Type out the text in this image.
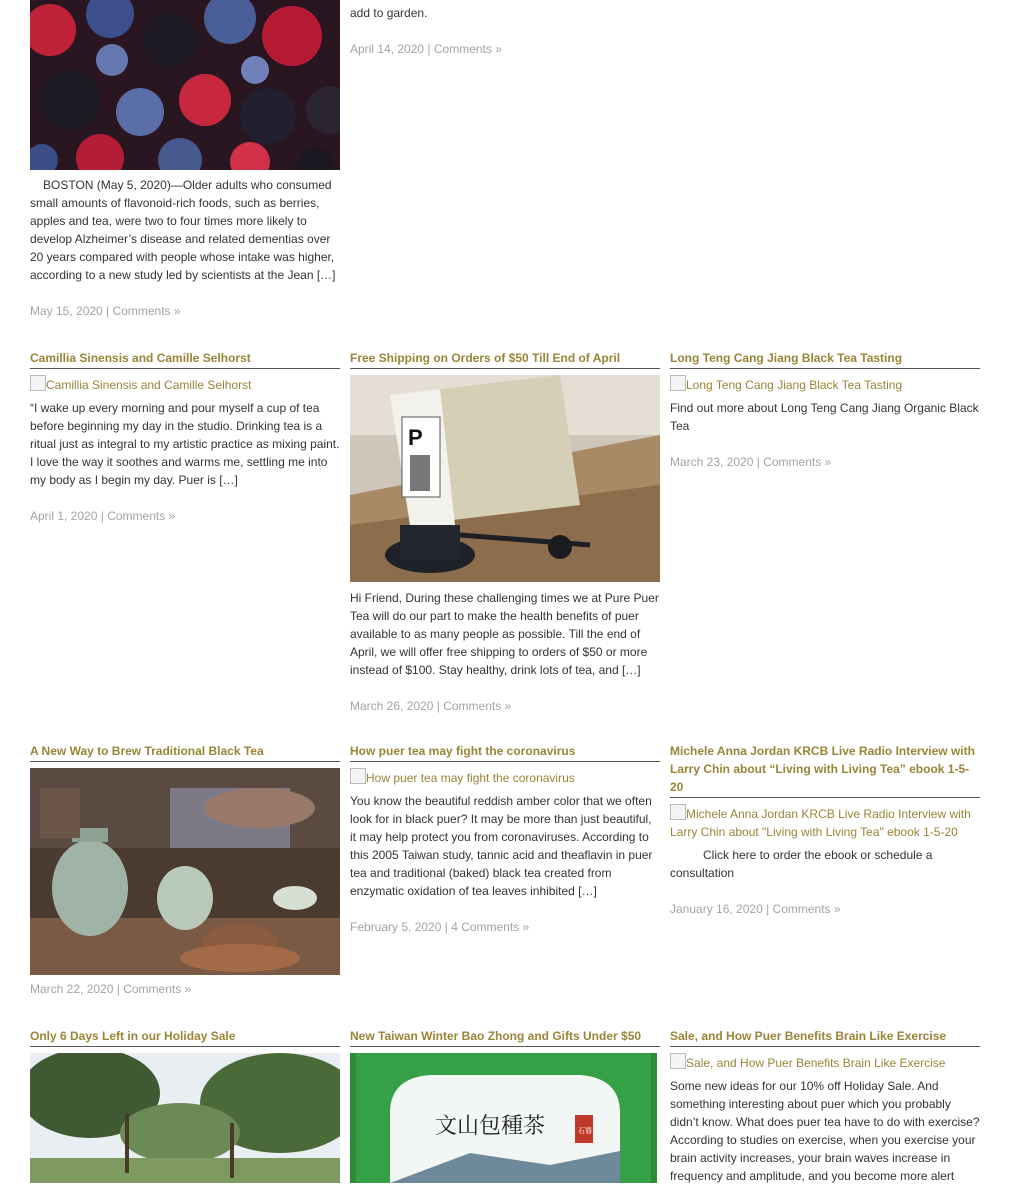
BOSTON (May 5, 2020)—Older adults who consumed small amounts of flavonoid-rich foods, such as berries, apples and tea, were two to four times more likely to develop Alzheimer’s disease and related dementias over 20 years compared with people whose intake was higher, according to a new study led by scientists at the Jean […]

May 15, 2020 | Comments »

add to garden.

April 14, 2020 | Comments »
Camillia Sinensis and Camille Selhorst
Camillia Sinensis and Camille Selhorst

“I wake up every morning and pour myself a cup of tea before beginning my day in the studio. Drinking tea is a ritual just as integral to my artistic practice as mixing paint. I love the way it soothes and warms me, settling me into my body as I begin my day. Puer is […]

April 1, 2020 | Comments »
Free Shipping on Orders of $50 Till End of April
P

Hi Friend, During these challenging times we at Pure Puer Tea will do our part to make the health benefits of puer available to as many people as possible. Till the end of April, we will offer free shipping to orders of $50 or more instead of $100. Stay healthy, drink lots of tea, and […]

March 26, 2020 | Comments »
Long Teng Cang Jiang Black Tea Tasting
Long Teng Cang Jiang Black Tea Tasting

Find out more about Long Teng Cang Jiang Organic Black Tea

March 23, 2020 | Comments »
A New Way to Brew Traditional Black Tea
March 22, 2020 | Comments »
How puer tea may fight the coronavirus
How puer tea may fight the coronavirus

You know the beautiful reddish amber color that we often look for in black puer? It may be more than just beautiful, it may help protect you from coronaviruses. According to this 2005 Taiwan study, tannic acid and theaflavin in puer tea and traditional (baked) black tea created from enzymatic oxidation of tea leaves inhibited […]

February 5, 2020 | 4 Comments »
Michele Anna Jordan KRCB Live Radio Interview with Larry Chin about “Living with Living Tea” ebook 1-5-20
Michele Anna Jordan KRCB Live Radio Interview with Larry Chin about "Living with Living Tea" ebook 1-5-20

Click here to order the ebook or schedule a consultation

January 16, 2020 | Comments »
Only 6 Days Left in our Holiday Sale	New Taiwan Winter Bao Zhong and Gifts Under $50
文山包種茶	石碆
Sale, and How Puer Benefits Brain Like Exercise
Sale, and How Puer Benefits Brain Like Exercise

Some new ideas for our 10% off Holiday Sale. And something interesting about puer which you probably didn’t know. What does puer tea have to do with exercise? According to studies on exercise, when you exercise your brain activity increases, your brain waves increase in frequency and amplitude, and you become more alert
